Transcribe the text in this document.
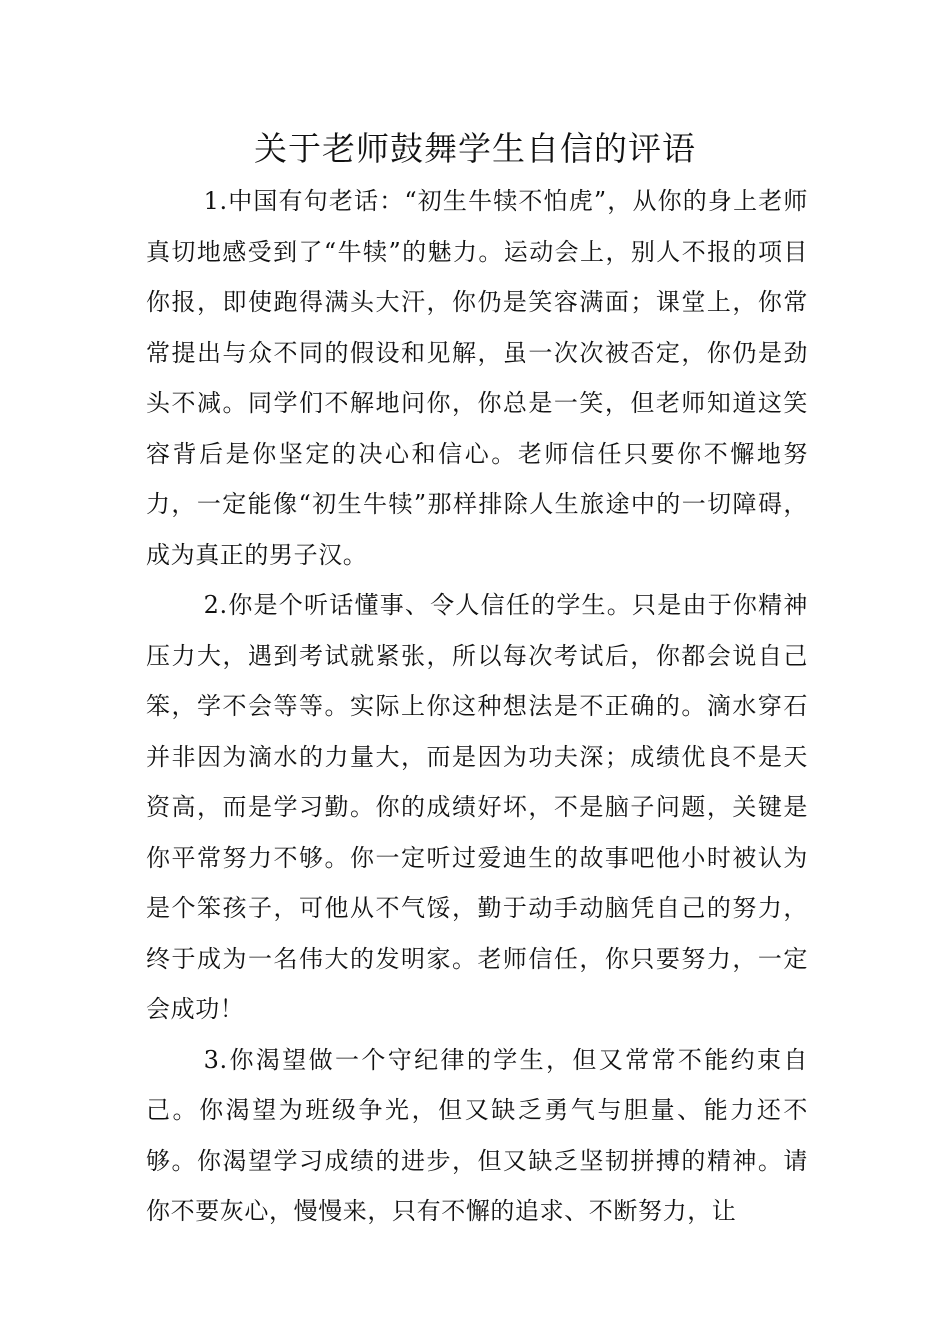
关于老师鼓舞学生自信的评语

1.中国有句老话：“初生牛犊不怕虎”，从你的身上老师真切地感受到了“牛犊”的魅力。运动会上，别人不报的项目你报，即使跑得满头大汗，你仍是笑容满面；课堂上，你常常提出与众不同的假设和见解，虽一次次被否定，你仍是劲头不减。同学们不解地问你，你总是一笑，但老师知道这笑容背后是你坚定的决心和信心。老师信任只要你不懈地努力，一定能像“初生牛犊”那样排除人生旅途中的一切障碍，成为真正的男子汉。

2.你是个听话懂事、令人信任的学生。只是由于你精神压力大，遇到考试就紧张，所以每次考试后，你都会说自己笨，学不会等等。实际上你这种想法是不正确的。滴水穿石并非因为滴水的力量大，而是因为功夫深；成绩优良不是天资高，而是学习勤。你的成绩好坏，不是脑子问题，关键是你平常努力不够。你一定听过爱迪生的故事吧他小时被认为是个笨孩子，可他从不气馁，勤于动手动脑凭自己的努力，终于成为一名伟大的发明家。老师信任，你只要努力，一定会成功！

3.你渴望做一个守纪律的学生，但又常常不能约束自己。你渴望为班级争光，但又缺乏勇气与胆量、能力还不够。你渴望学习成绩的进步，但又缺乏坚韧拼搏的精神。请你不要灰心，慢慢来，只有不懈的追求、不断努力，让
